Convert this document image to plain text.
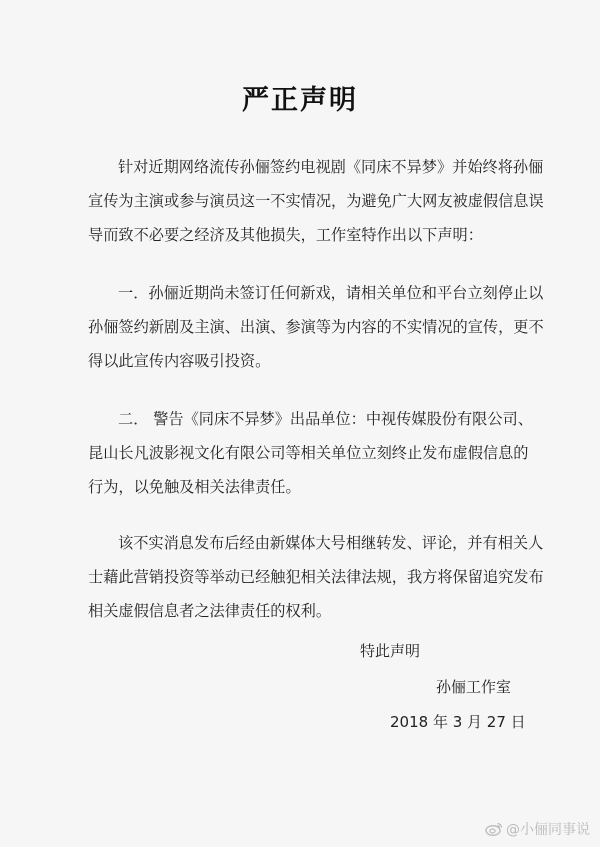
严正声明
针对近期网络流传孙俪签约电视剧《同床不异梦》并始终将孙俪
宣传为主演或参与演员这一不实情况，为避免广大网友被虚假信息误
导而致不必要之经济及其他损失，工作室特作出以下声明：
一．孙俪近期尚未签订任何新戏，请相关单位和平台立刻停止以
孙俪签约新剧及主演、出演、参演等为内容的不实情况的宣传，更不
得以此宣传内容吸引投资。
二． 警告《同床不异梦》出品单位：中视传媒股份有限公司、
昆山长凡波影视文化有限公司等相关单位立刻终止发布虚假信息的
行为，以免触及相关法律责任。
该不实消息发布后经由新媒体大号相继转发、评论，并有相关人
士藉此营销投资等举动已经触犯相关法律法规，我方将保留追究发布
相关虚假信息者之法律责任的权利。
特此声明
孙俪工作室
2018 年 3 月 27 日
@小俪同事说
